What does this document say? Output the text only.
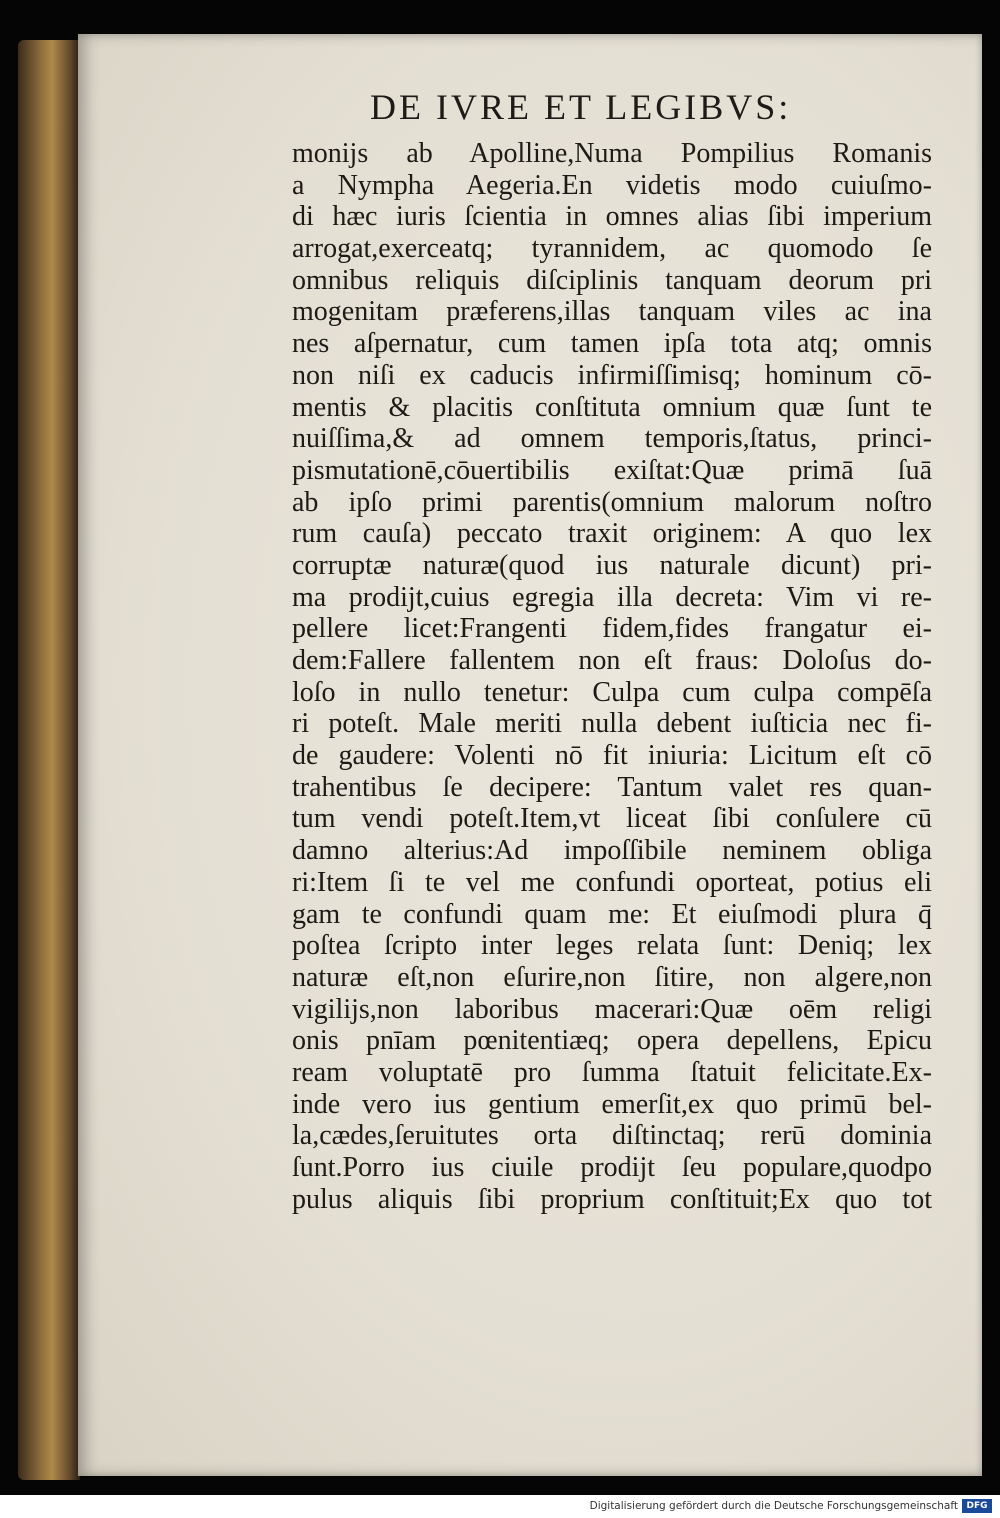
DE IVRE ET LEGIBVS:
monijs ab Apolline,Numa Pompilius Romanis
a Nympha Aegeria.En videtis modo cuiuſmo-
di hæc iuris ſcientia in omnes alias ſibi imperium
arrogat,exerceatq; tyrannidem, ac quomodo ſe
omnibus reliquis diſciplinis tanquam deorum pri
mogenitam præferens,illas tanquam viles ac ina
nes aſpernatur, cum tamen ipſa tota atq; omnis
non niſi ex caducis infirmiſſimisq; hominum cō-
mentis & placitis conſtituta omnium quæ ſunt te
nuiſſima,& ad omnem temporis,ſtatus, princi-
pismutationē,cōuertibilis exiſtat:Quæ primā ſuā
ab ipſo primi parentis(omnium malorum noſtro
rum cauſa) peccato traxit originem: A quo lex
corruptæ naturæ(quod ius naturale dicunt) pri-
ma prodijt,cuius egregia illa decreta: Vim vi re-
pellere licet:Frangenti fidem,fides frangatur ei-
dem:Fallere fallentem non eſt fraus: Doloſus do-
loſo in nullo tenetur: Culpa cum culpa compēſa
ri poteſt. Male meriti nulla debent iuſticia nec fi-
de gaudere: Volenti nō fit iniuria: Licitum eſt cō
trahentibus ſe decipere: Tantum valet res quan-
tum vendi poteſt.Item,vt liceat ſibi conſulere cū
damno alterius:Ad impoſſibile neminem obliga
ri:Item ſi te vel me confundi oporteat, potius eli
gam te confundi quam me: Et eiuſmodi plura q̄
poſtea ſcripto inter leges relata ſunt: Deniq; lex
naturæ eſt,non eſurire,non ſitire, non algere,non
vigilijs,non laboribus macerari:Quæ oēm religi
onis pnīam pœnitentiæq; opera depellens, Epicu
ream voluptatē pro ſumma ſtatuit felicitate.Ex-
inde vero ius gentium emerſit,ex quo primū bel-
la,cædes,ſeruitutes orta diſtinctaq; rerū dominia
ſunt.Porro ius ciuile prodijt ſeu populare,quodpo
pulus aliquis ſibi proprium conſtituit;Ex quo tot
Digitalisierung gefördert durch die Deutsche Forschungsgemeinschaft DFG
